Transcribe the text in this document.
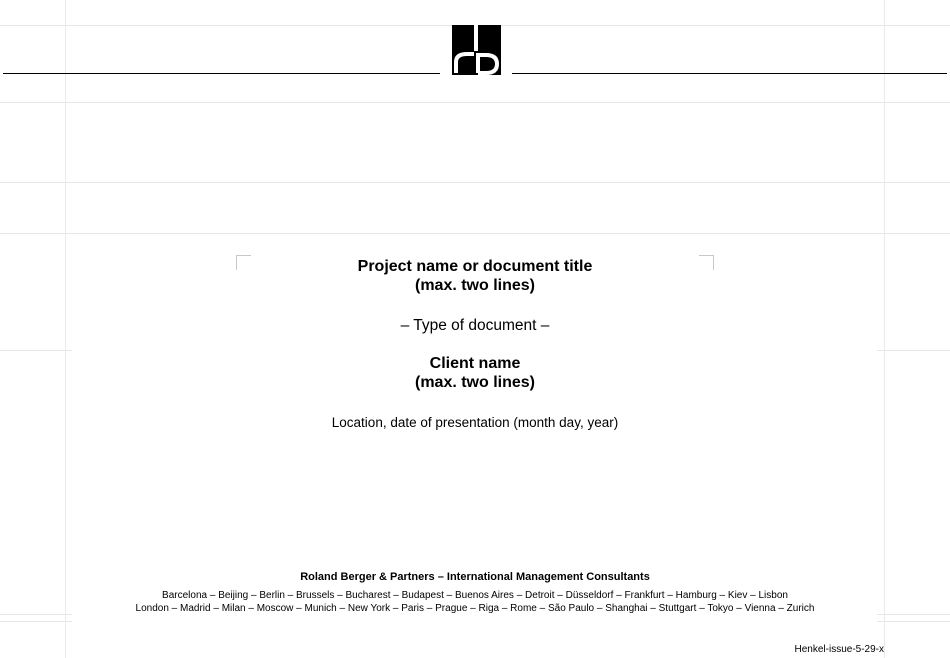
Project name or document title
(max. two lines)
– Type of document –
Client name
(max. two lines)
Location, date of presentation (month day, year)
Roland Berger & Partners – International Management Consultants
Barcelona – Beijing – Berlin – Brussels – Bucharest – Budapest – Buenos Aires – Detroit – Düsseldorf – Frankfurt – Hamburg – Kiev – Lisbon
London – Madrid – Milan – Moscow – Munich – New York – Paris – Prague – Riga – Rome – São Paulo – Shanghai – Stuttgart – Tokyo – Vienna – Zurich
Henkel-issue-5-29-x
